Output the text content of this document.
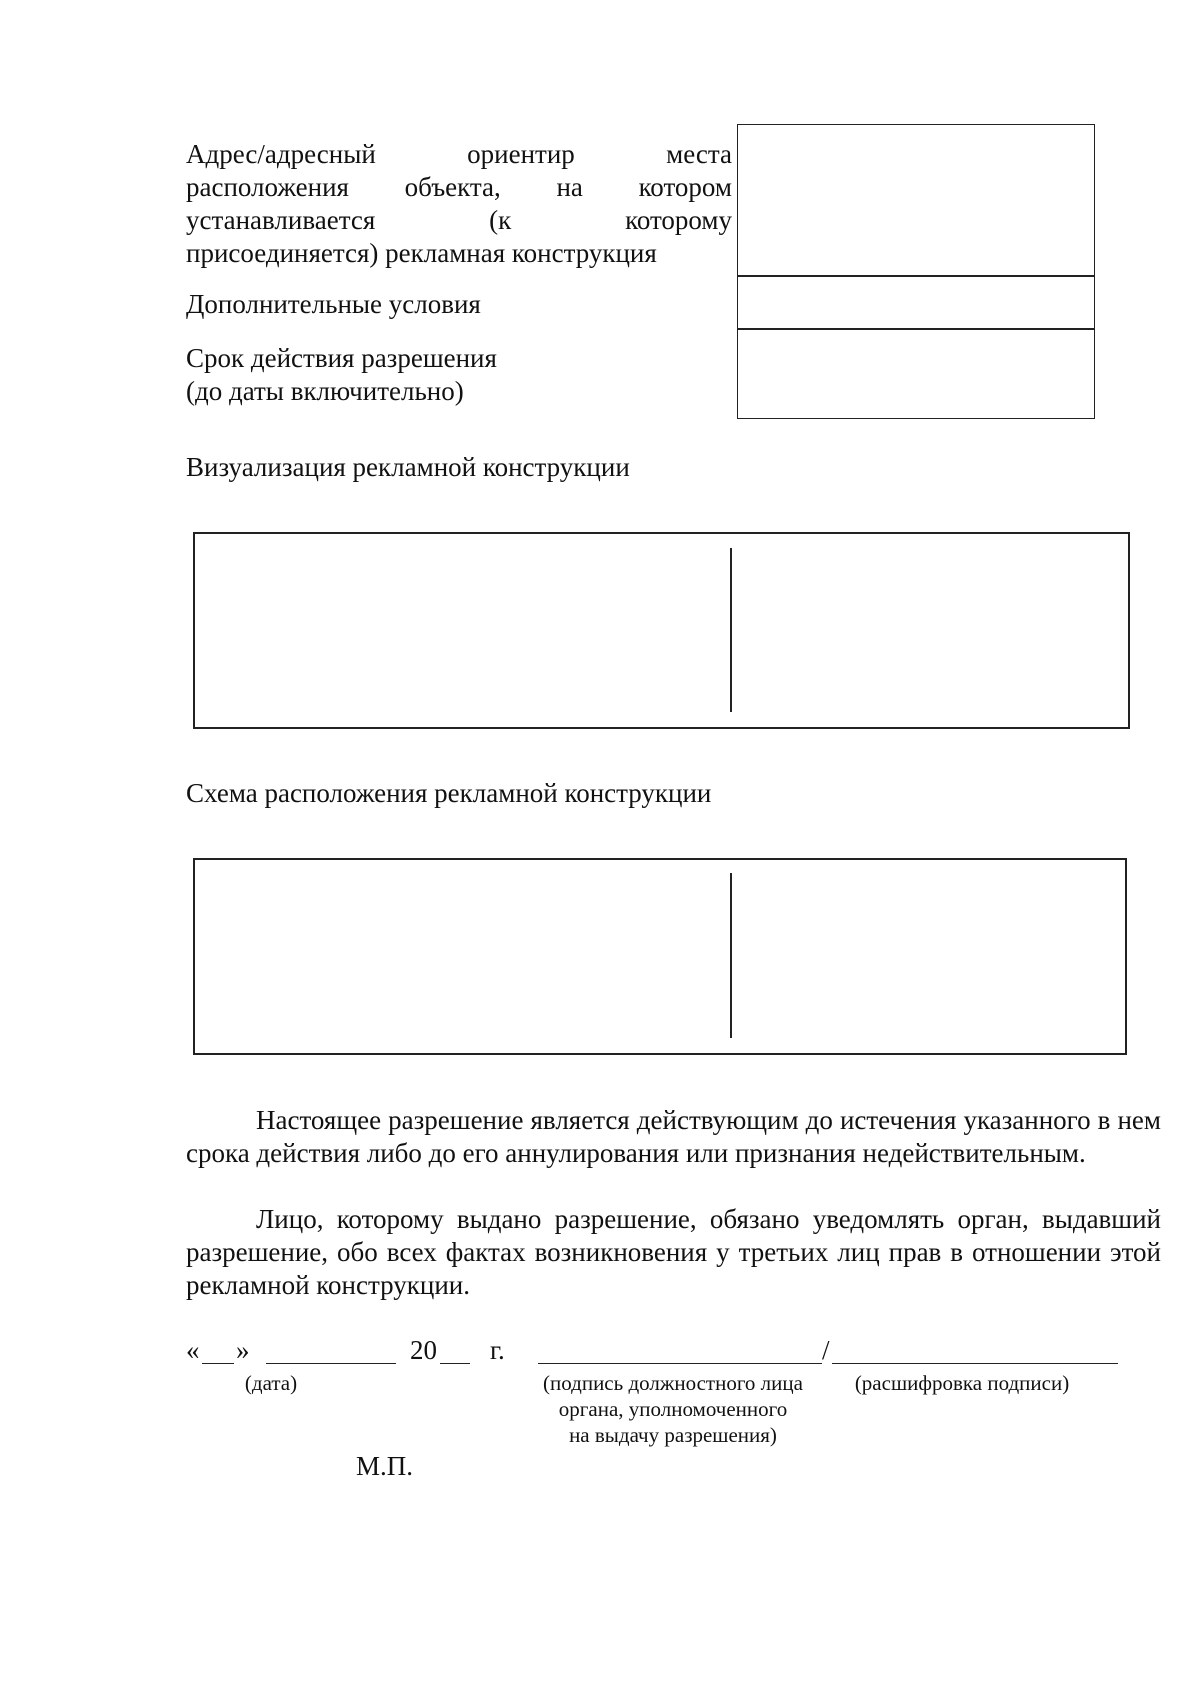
Адрес/адресный	ориентир	места
расположения объекта, на котором
устанавливается	(к	которому
присоединяется) рекламная конструкция
Дополнительные условия
Срок действия разрешения
(до даты включительно)
Визуализация рекламной конструкции
Схема расположения рекламной конструкции
Настоящее разрешение является действующим до истечения указанного в нем срока действия либо до его аннулирования или признания недействительным.
Лицо, которому выдано разрешение, обязано уведомлять орган, выдавший разрешение, обо всех фактах возникновения у третьих лиц прав в отношении этой рекламной конструкции.
« »	20 г.	/
(дата)	(подпись должностного лица
органа, уполномоченного
на выдачу разрешения)
(расшифровка подписи)
М.П.
